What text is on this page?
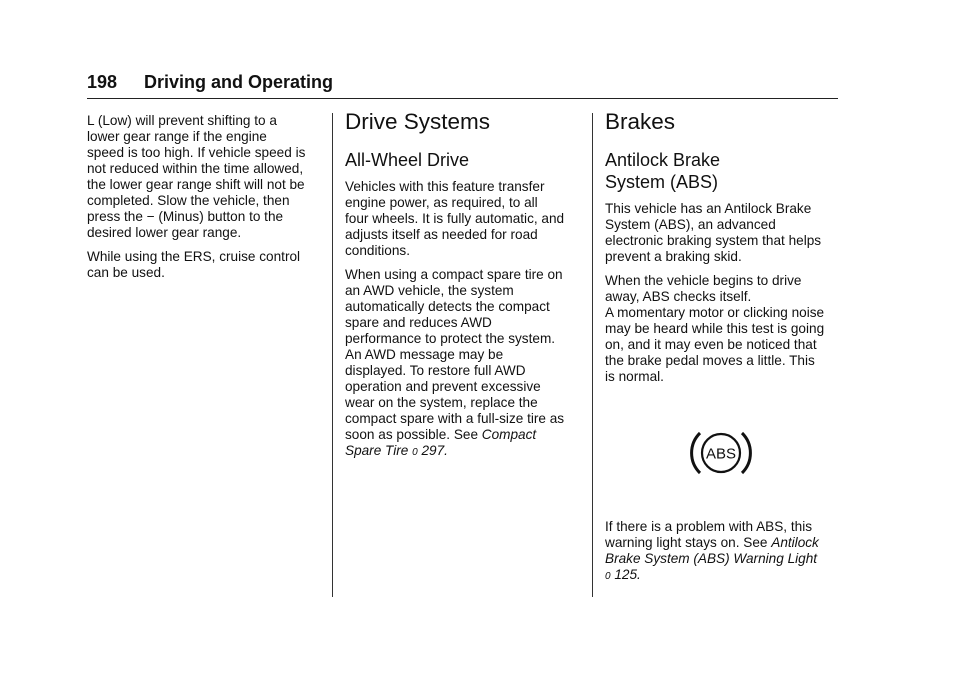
198 Driving and Operating

L (Low) will prevent shifting to a
lower gear range if the engine
speed is too high. If vehicle speed is
not reduced within the time allowed,
the lower gear range shift will not be
completed. Slow the vehicle, then
press the − (Minus) button to the
desired lower gear range.

While using the ERS, cruise control
can be used.

Drive Systems
All-Wheel Drive

Vehicles with this feature transfer
engine power, as required, to all
four wheels. It is fully automatic, and
adjusts itself as needed for road
conditions.

When using a compact spare tire on
an AWD vehicle, the system
automatically detects the compact
spare and reduces AWD
performance to protect the system.
An AWD message may be
displayed. To restore full AWD
operation and prevent excessive
wear on the system, replace the
compact spare with a full-size tire as
soon as possible. See Compact
Spare Tire 0 297.

Brakes
Antilock Brake
System (ABS)

This vehicle has an Antilock Brake
System (ABS), an advanced
electronic braking system that helps
prevent a braking skid.

When the vehicle begins to drive
away, ABS checks itself.
A momentary motor or clicking noise
may be heard while this test is going
on, and it may even be noticed that
the brake pedal moves a little. This
is normal.

ABS

If there is a problem with ABS, this
warning light stays on. See Antilock
Brake System (ABS) Warning Light
0 125.
